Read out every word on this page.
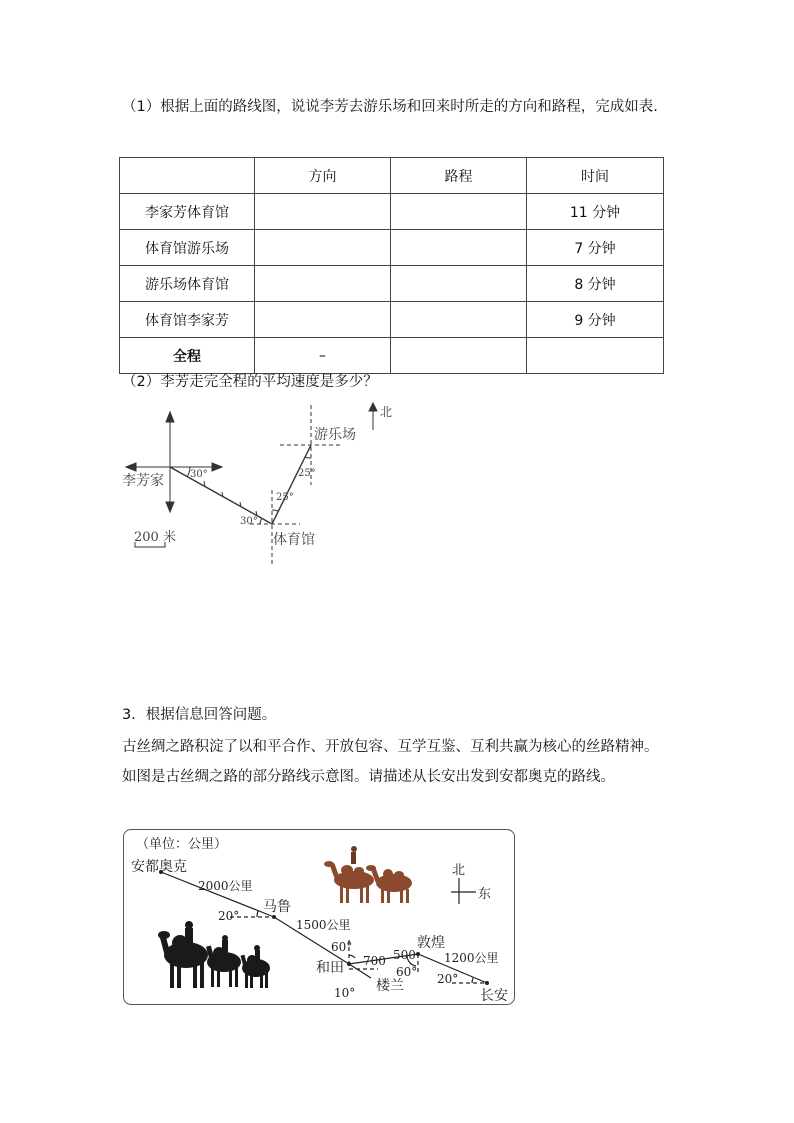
（1）根据上面的路线图，说说李芳去游乐场和回来时所走的方向和路程，完成如表.
	方向	路程	时间
李家芳体育馆			11 分钟
体育馆游乐场			7 分钟
游乐场体育馆			8 分钟
体育馆李家芳			9 分钟
全程	–		
（2）李芳走完全程的平均速度是多少？
北
李芳家
游乐场
体育馆
30°
30°
25°
25°
200 米
3．根据信息回答问题。
古丝绸之路积淀了以和平合作、开放包容、互学互鉴、互利共赢为核心的丝路精神。如图是古丝绸之路的部分路线示意图。请描述从长安出发到安都奥克的路线。
（单位：公里）
安都奥克
2000公里
马鲁
20°
1500公里
60°
和田 700
10° 楼兰
60°
500
敦煌
1200公里
20°
长安
北
东
